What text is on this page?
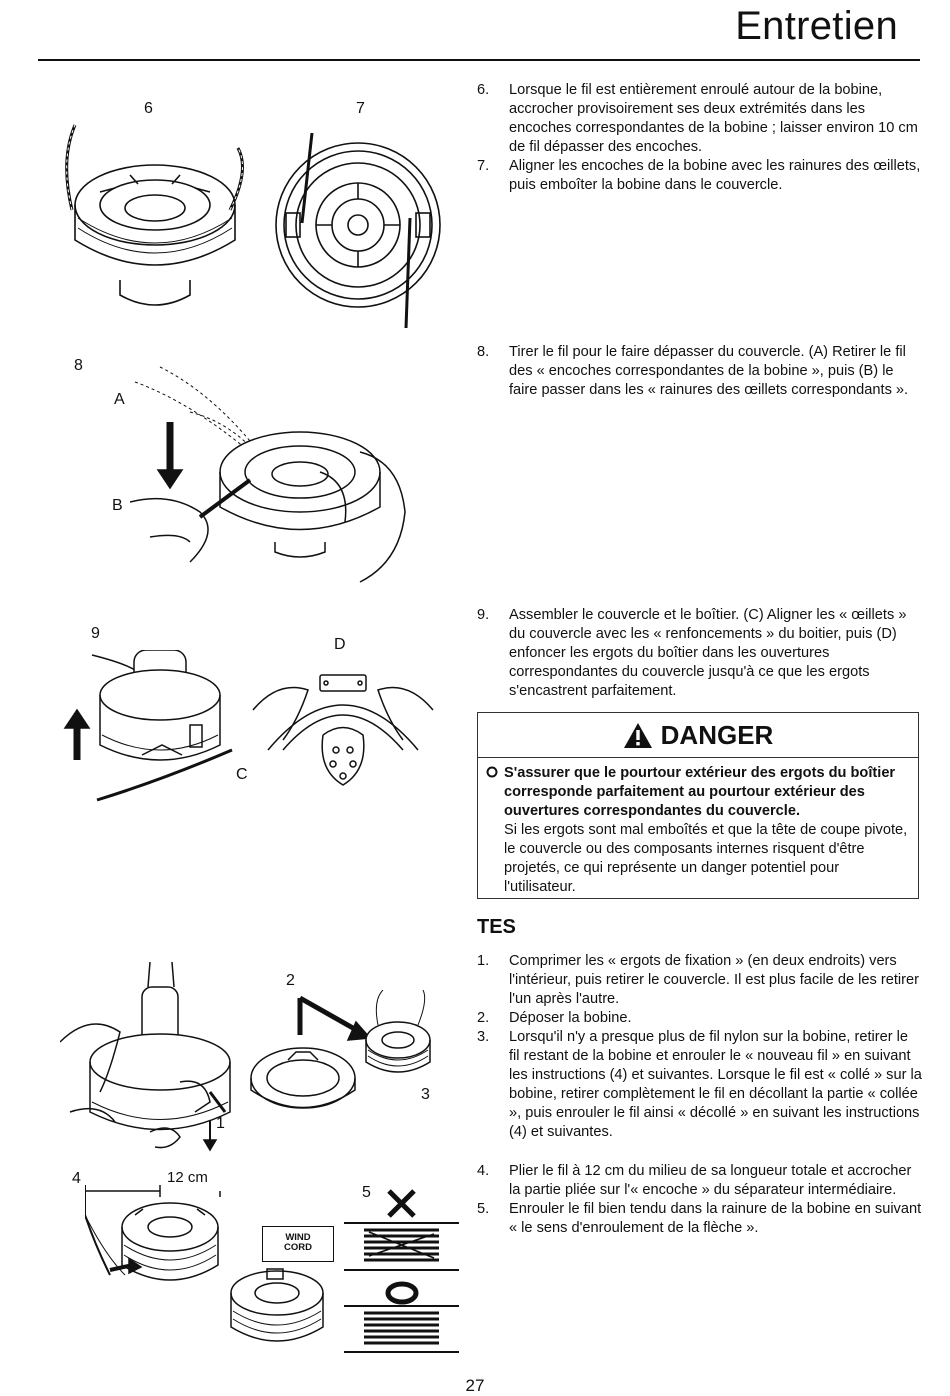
Entretien

6. Lorsque le fil est entièrement enroulé autour de la bobine, accrocher provisoirement ses deux extrémités dans les encoches correspondantes de la bobine ; laisser environ 10 cm de fil dépasser des encoches.

7. Aligner les encoches de la bobine avec les rainures des œillets, puis emboîter la bobine dans le couvercle.

8. Tirer le fil pour le faire dépasser du couvercle. (A) Retirer le fil des « encoches correspondantes de la bobine », puis (B) le faire passer dans les « rainures des œillets correspondants ».

9. Assembler le couvercle et le boîtier. (C) Aligner les « œillets » du couvercle avec les « renfoncements » du boitier, puis (D) enfoncer les ergots du boîtier dans les ouvertures correspondantes du couvercle jusqu'à ce que les ergots s'encastrent parfaitement.

DANGER
S'assurer que le pourtour extérieur des ergots du boîtier corresponde parfaitement au pourtour extérieur des ouvertures correspondantes du couvercle.
Si les ergots sont mal emboîtés et que la tête de coupe pivote, le couvercle ou des composants internes risquent d'être projetés, ce qui représente un danger potentiel pour l'utilisateur.
TES

1. Comprimer les « ergots de fixation » (en deux endroits) vers l'intérieur, puis retirer le couvercle. Il est plus facile de les retirer l'un après l'autre.

2. Déposer la bobine.

3. Lorsqu'il n'y a presque plus de fil nylon sur la bobine, retirer le fil restant de la bobine et enrouler le « nouveau fil » en suivant les instructions (4) et suivantes. Lorsque le fil est « collé » sur la bobine, retirer complètement le fil en décollant la partie « collée », puis enrouler le fil ainsi « décollé » en suivant les instructions (4) et suivantes.

4. Plier le fil à 12 cm du milieu de sa longueur totale et accrocher la partie pliée sur l'« encoche » du séparateur intermédiaire.

5. Enrouler le fil bien tendu dans la rainure de la bobine en suivant « le sens d'enroulement de la flèche ».

6	7
8
A
B
9
C
D
1
2
3
4	12 cm
5
WIND
CORD
27
